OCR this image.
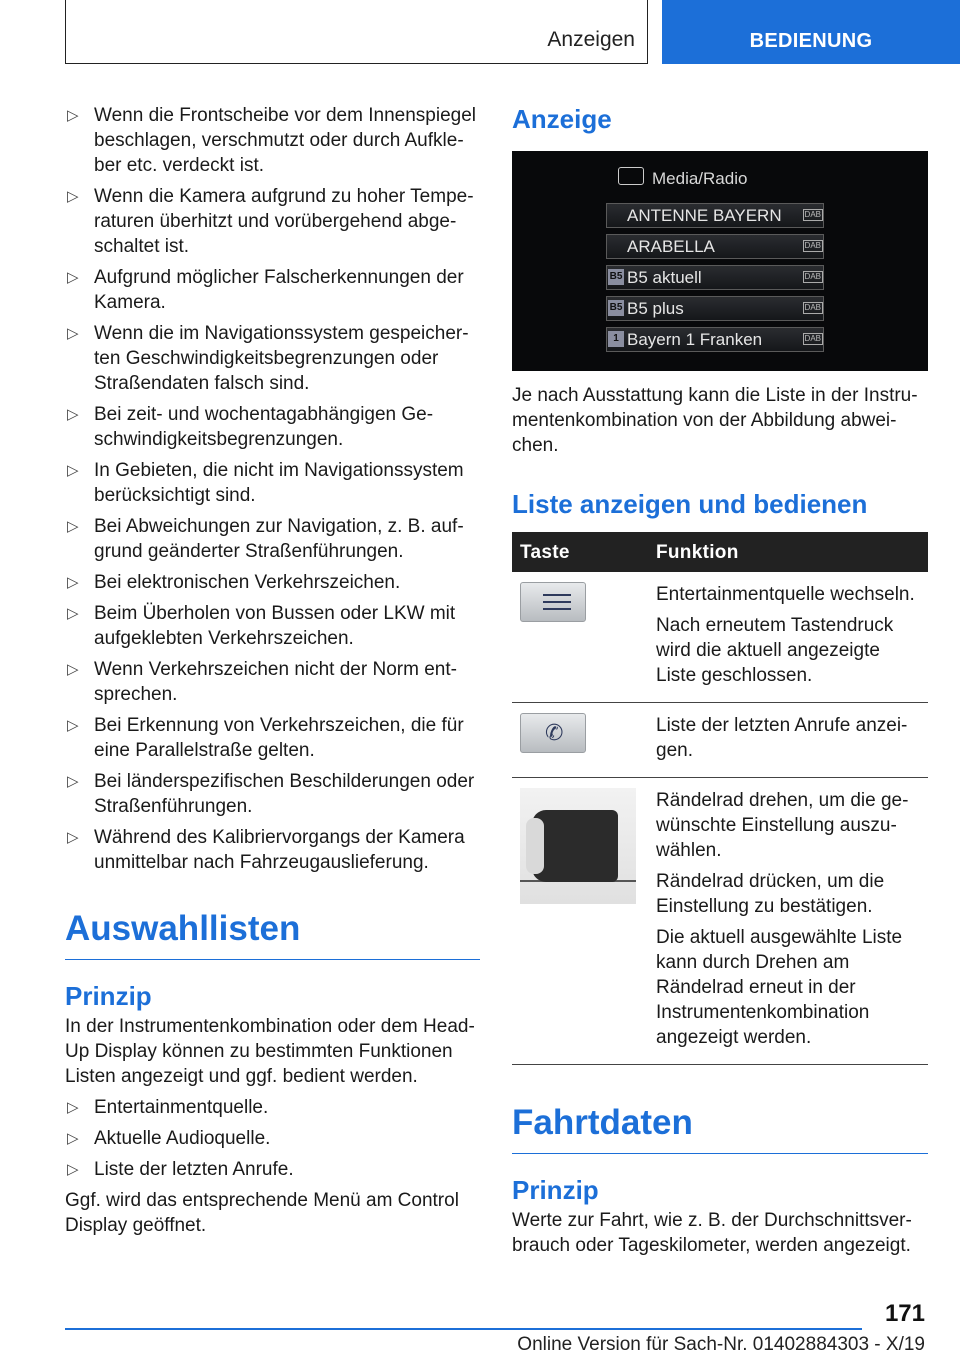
Anzeigen	BEDIENUNG
▷ Wenn die Frontscheibe vor dem Innenspiegel beschlagen, verschmutzt oder durch Aufkleber etc. verdeckt ist.
▷ Wenn die Kamera aufgrund zu hoher Temperaturen überhitzt und vorübergehend abgeschaltet ist.
▷ Aufgrund möglicher Falscherkennungen der Kamera.
▷ Wenn die im Navigationssystem gespeicherten Geschwindigkeitsbegrenzungen oder Straßendaten falsch sind.
▷ Bei zeit- und wochentagabhängigen Geschwindigkeitsbegrenzungen.
▷ In Gebieten, die nicht im Navigationssystem berücksichtigt sind.
▷ Bei Abweichungen zur Navigation, z. B. aufgrund geänderter Straßenführungen.
▷ Bei elektronischen Verkehrszeichen.
▷ Beim Überholen von Bussen oder LKW mit aufgeklebten Verkehrszeichen.
▷ Wenn Verkehrszeichen nicht der Norm entsprechen.
▷ Bei Erkennung von Verkehrszeichen, die für eine Parallelstraße gelten.
▷ Bei länderspezifischen Beschilderungen oder Straßenführungen.
▷ Während des Kalibriervorgangs der Kamera unmittelbar nach Fahrzeugauslieferung.
Auswahllisten
Prinzip

In der Instrumentenkombination oder dem Head-Up Display können zu bestimmten Funktionen Listen angezeigt und ggf. bedient werden.

▷ Entertainmentquelle.
▷ Aktuelle Audioquelle.
▷ Liste der letzten Anrufe.

Ggf. wird das entsprechende Menü am Control Display geöffnet.

Anzeige
Media/Radio
ANTENNE BAYERN	DAB
ARABELLA	DAB
B5 B5 aktuell	DAB
B5 B5 plus	DAB
1 Bayern 1 Franken	DAB

Je nach Ausstattung kann die Liste in der Instrumentenkombination von der Abbildung abweichen.

Liste anzeigen und bedienen
Taste	Funktion

	Entertainmentquelle wechseln.

Nach erneutem Tastendruck wird die aktuell angezeigte Liste geschlossen.

✆	Liste der letzten Anrufe anzeigen.

	Rändelrad drehen, um die gewünschte Einstellung auszuwählen.

Rändelrad drücken, um die Einstellung zu bestätigen.

Die aktuell ausgewählte Liste kann durch Drehen am Rändelrad erneut in der Instrumentenkombination angezeigt werden.

Fahrtdaten
Prinzip

Werte zur Fahrt, wie z. B. der Durchschnittsverbrauch oder Tageskilometer, werden angezeigt.

171
Online Version für Sach-Nr. 01402884303 - X/19
